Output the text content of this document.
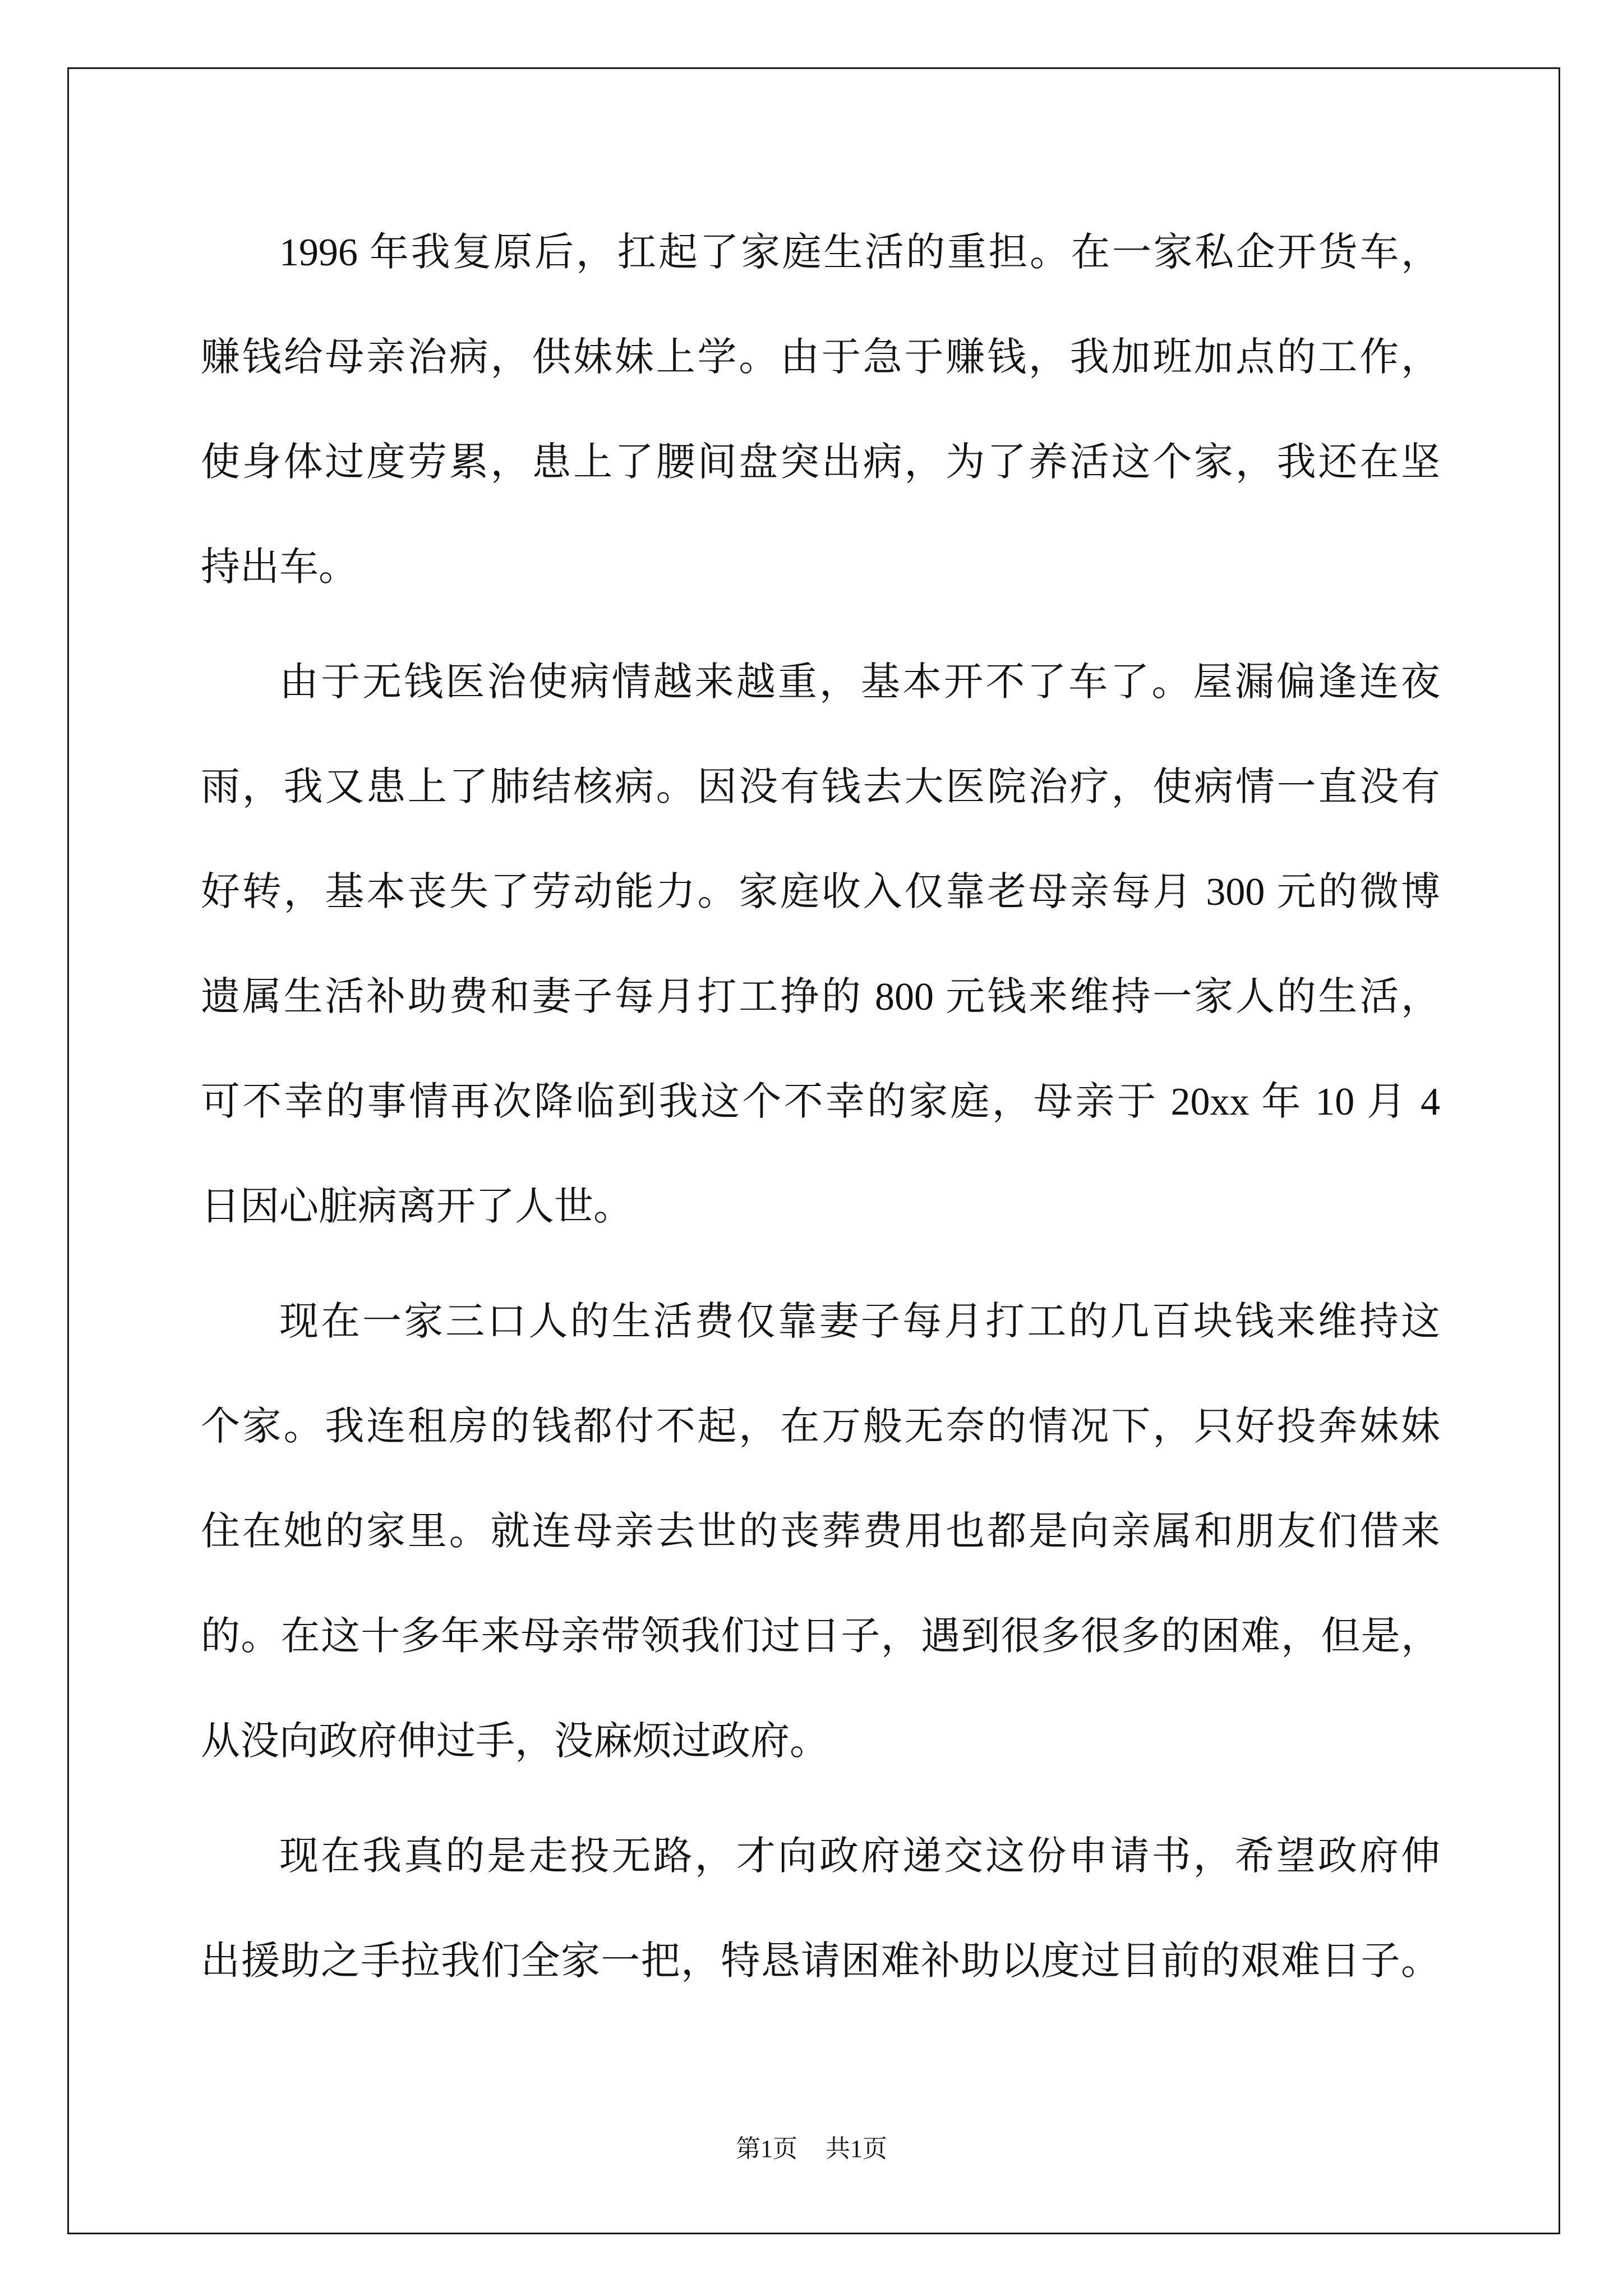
1996 年我复原后，扛起了家庭生活的重担。在一家私企开货车，
赚钱给母亲治病，供妹妹上学。由于急于赚钱，我加班加点的工作，
使身体过度劳累，患上了腰间盘突出病，为了养活这个家，我还在坚
持出车。
由于无钱医治使病情越来越重，基本开不了车了。屋漏偏逢连夜
雨，我又患上了肺结核病。因没有钱去大医院治疗，使病情一直没有
好转，基本丧失了劳动能力。家庭收入仅靠老母亲每月 300 元的微博
遗属生活补助费和妻子每月打工挣的 800 元钱来维持一家人的生活，
可不幸的事情再次降临到我这个不幸的家庭，母亲于 20xx 年 10 月 4
日因心脏病离开了人世。
现在一家三口人的生活费仅靠妻子每月打工的几百块钱来维持这
个家。我连租房的钱都付不起，在万般无奈的情况下，只好投奔妹妹
住在她的家里。就连母亲去世的丧葬费用也都是向亲属和朋友们借来
的。在这十多年来母亲带领我们过日子，遇到很多很多的困难，但是，
从没向政府伸过手，没麻烦过政府。
现在我真的是走投无路，才向政府递交这份申请书，希望政府伸
出援助之手拉我们全家一把，特恳请困难补助以度过目前的艰难日子。
第1页 共1页
